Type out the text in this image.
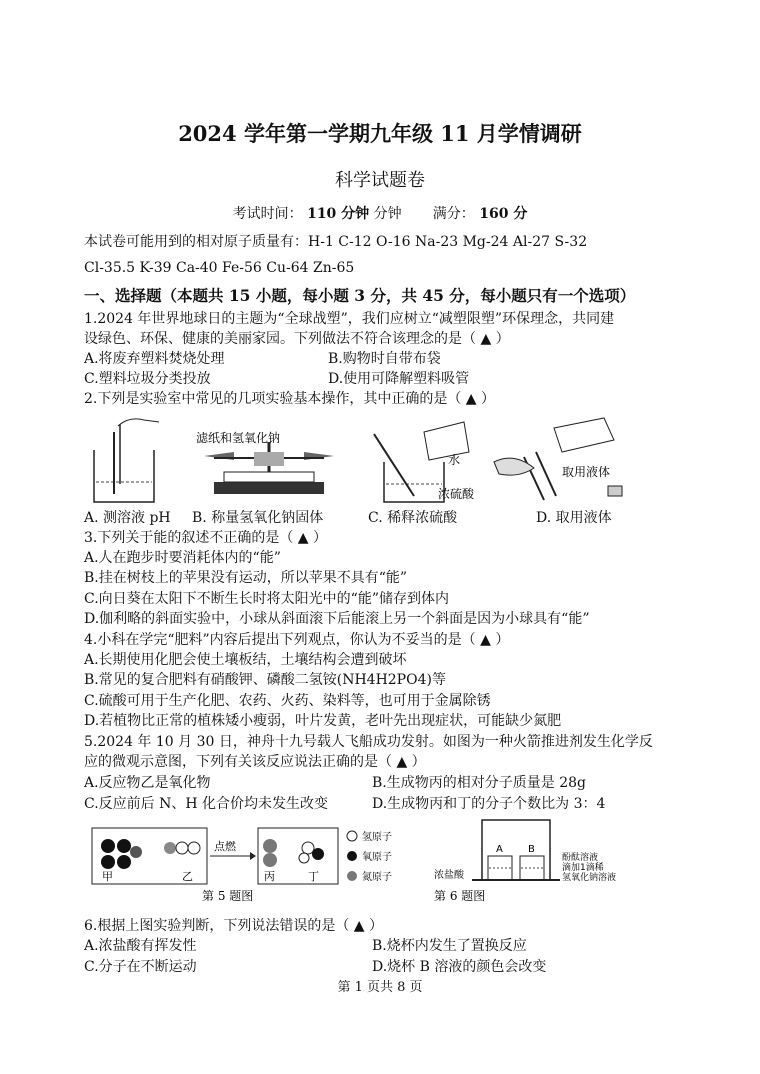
2024 学年第一学期九年级 11 月学情调研
科学试题卷
考试时间： 110 分钟 分钟 满分： 160 分
本试卷可能用到的相对原子质量有：H-1 C-12 O-16 Na-23 Mg-24 Al-27 S-32
Cl-35.5 K-39 Ca-40 Fe-56 Cu-64 Zn-65
一、选择题（本题共 15 小题，每小题 3 分，共 45 分，每小题只有一个选项）
1.2024 年世界地球日的主题为“全球战塑”，我们应树立“减塑限塑”环保理念，共同建
设绿色、环保、健康的美丽家园。下列做法不符合该理念的是（ ▲ ）
A.将废弃塑料焚烧处理	B.购物时自带布袋
C.塑料垃圾分类投放	D.使用可降解塑料吸管
2.下列是实验室中常见的几项实验基本操作，其中正确的是（ ▲ ）
滤纸和氢氧化钠
水
浓硫酸
取用液体
A. 测溶液 pH B. 称量氢氧化钠固体	C. 稀释浓硫酸	D. 取用液体
3.下列关于能的叙述不正确的是（ ▲ ）
A.人在跑步时要消耗体内的“能”
B.挂在树枝上的苹果没有运动，所以苹果不具有“能”
C.向日葵在太阳下不断生长时将太阳光中的“能”储存到体内
D.伽利略的斜面实验中，小球从斜面滚下后能滚上另一个斜面是因为小球具有“能”
4.小科在学完“肥料”内容后提出下列观点，你认为不妥当的是（ ▲ ）
A.长期使用化肥会使土壤板结，土壤结构会遭到破坏
B.常见的复合肥料有硝酸钾、磷酸二氢铵(NH4H2PO4)等
C.硫酸可用于生产化肥、农药、火药、染料等，也可用于金属除锈
D.若植物比正常的植株矮小瘦弱，叶片发黄，老叶先出现症状，可能缺少氮肥
5.2024 年 10 月 30 日，神舟十九号载人飞船成功发射。如图为一种火箭推进剂发生化学反
应的微观示意图，下列有关该反应说法正确的是（ ▲ ）
A.反应物乙是氧化物	B.生成物丙的相对分子质量是 28g
C.反应前后 N、H 化合价均未发生改变	D.生成物丙和丁的分子个数比为 3：4
甲	乙
点燃
丙	丁
氢原子
氧原子
氮原子
第 5 题图
A	B
浓盐酸
酚酞溶液
滴加1滴稀
氢氧化钠溶液
第 6 题图
6.根据上图实验判断，下列说法错误的是（ ▲ ）
A.浓盐酸有挥发性	B.烧杯内发生了置换反应
C.分子在不断运动	D.烧杯 B 溶液的颜色会改变
第 1 页共 8 页
